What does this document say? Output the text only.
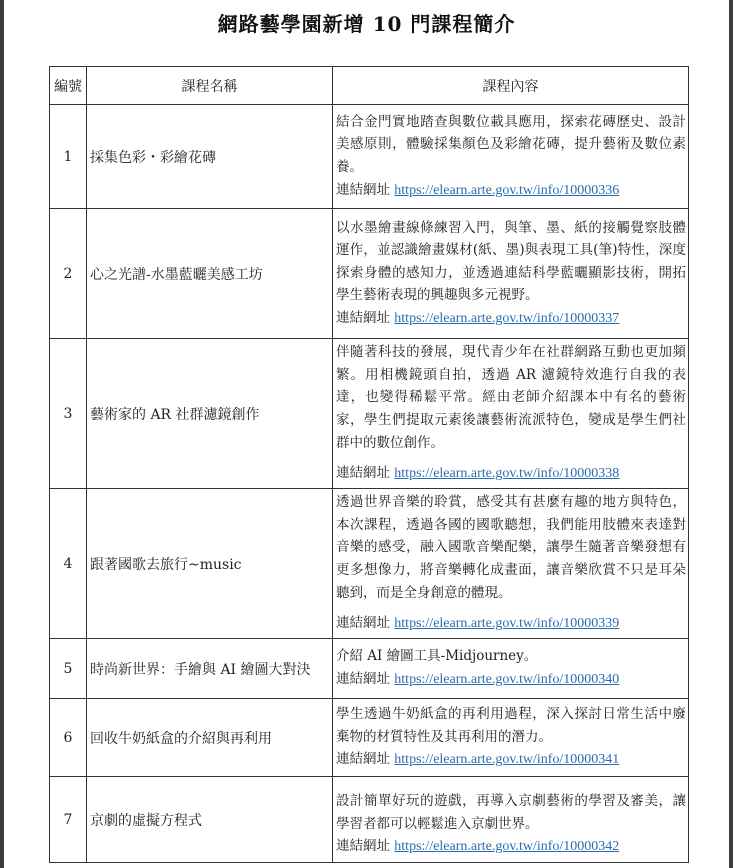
網路藝學園新增 10 門課程簡介
編號	課程名稱	課程內容
1	採集色彩・彩繪花磚	結合金門實地踏查與數位載具應用，探索花磚歷史、設計美感原則，體驗採集顏色及彩繪花磚，提升藝術及數位素養。
連結網址 https://elearn.arte.gov.tw/info/10000336

2	心之光譜-水墨藍曬美感工坊	以水墨繪畫線條練習入門，與筆、墨、紙的接觸覺察肢體運作，並認識繪畫媒材(紙、墨)與表現工具(筆)特性，深度探索身體的感知力，並透過連結科學藍曬顯影技術，開拓學生藝術表現的興趣與多元視野。
連結網址 https://elearn.arte.gov.tw/info/10000337

3	藝術家的 AR 社群濾鏡創作	伴隨著科技的發展，現代青少年在社群網路互動也更加頻繁。用相機鏡頭自拍，透過 AR 濾鏡特效進行自我的表達，也變得稀鬆平常。經由老師介紹課本中有名的藝術家，學生們提取元素後讓藝術流派特色，變成是學生們社群中的數位創作。
連結網址 https://elearn.arte.gov.tw/info/10000338

4	跟著國歌去旅行~music	透過世界音樂的聆賞，感受其有甚麼有趣的地方與特色，本次課程，透過各國的國歌聽想，我們能用肢體來表達對音樂的感受，融入國歌音樂配樂，讓學生隨著音樂發想有更多想像力，將音樂轉化成畫面，讓音樂欣賞不只是耳朵聽到，而是全身創意的體現。
連結網址 https://elearn.arte.gov.tw/info/10000339

5	時尚新世界：手繪與 AI 繪圖大對決	介紹 AI 繪圖工具-Midjourney。
連結網址 https://elearn.arte.gov.tw/info/10000340

6	回收牛奶紙盒的介紹與再利用	學生透過牛奶紙盒的再利用過程，深入探討日常生活中廢棄物的材質特性及其再利用的潛力。
連結網址 https://elearn.arte.gov.tw/info/10000341

7	京劇的虛擬方程式	設計簡單好玩的遊戲，再導入京劇藝術的學習及審美，讓學習者都可以輕鬆進入京劇世界。
連結網址 https://elearn.arte.gov.tw/info/10000342
